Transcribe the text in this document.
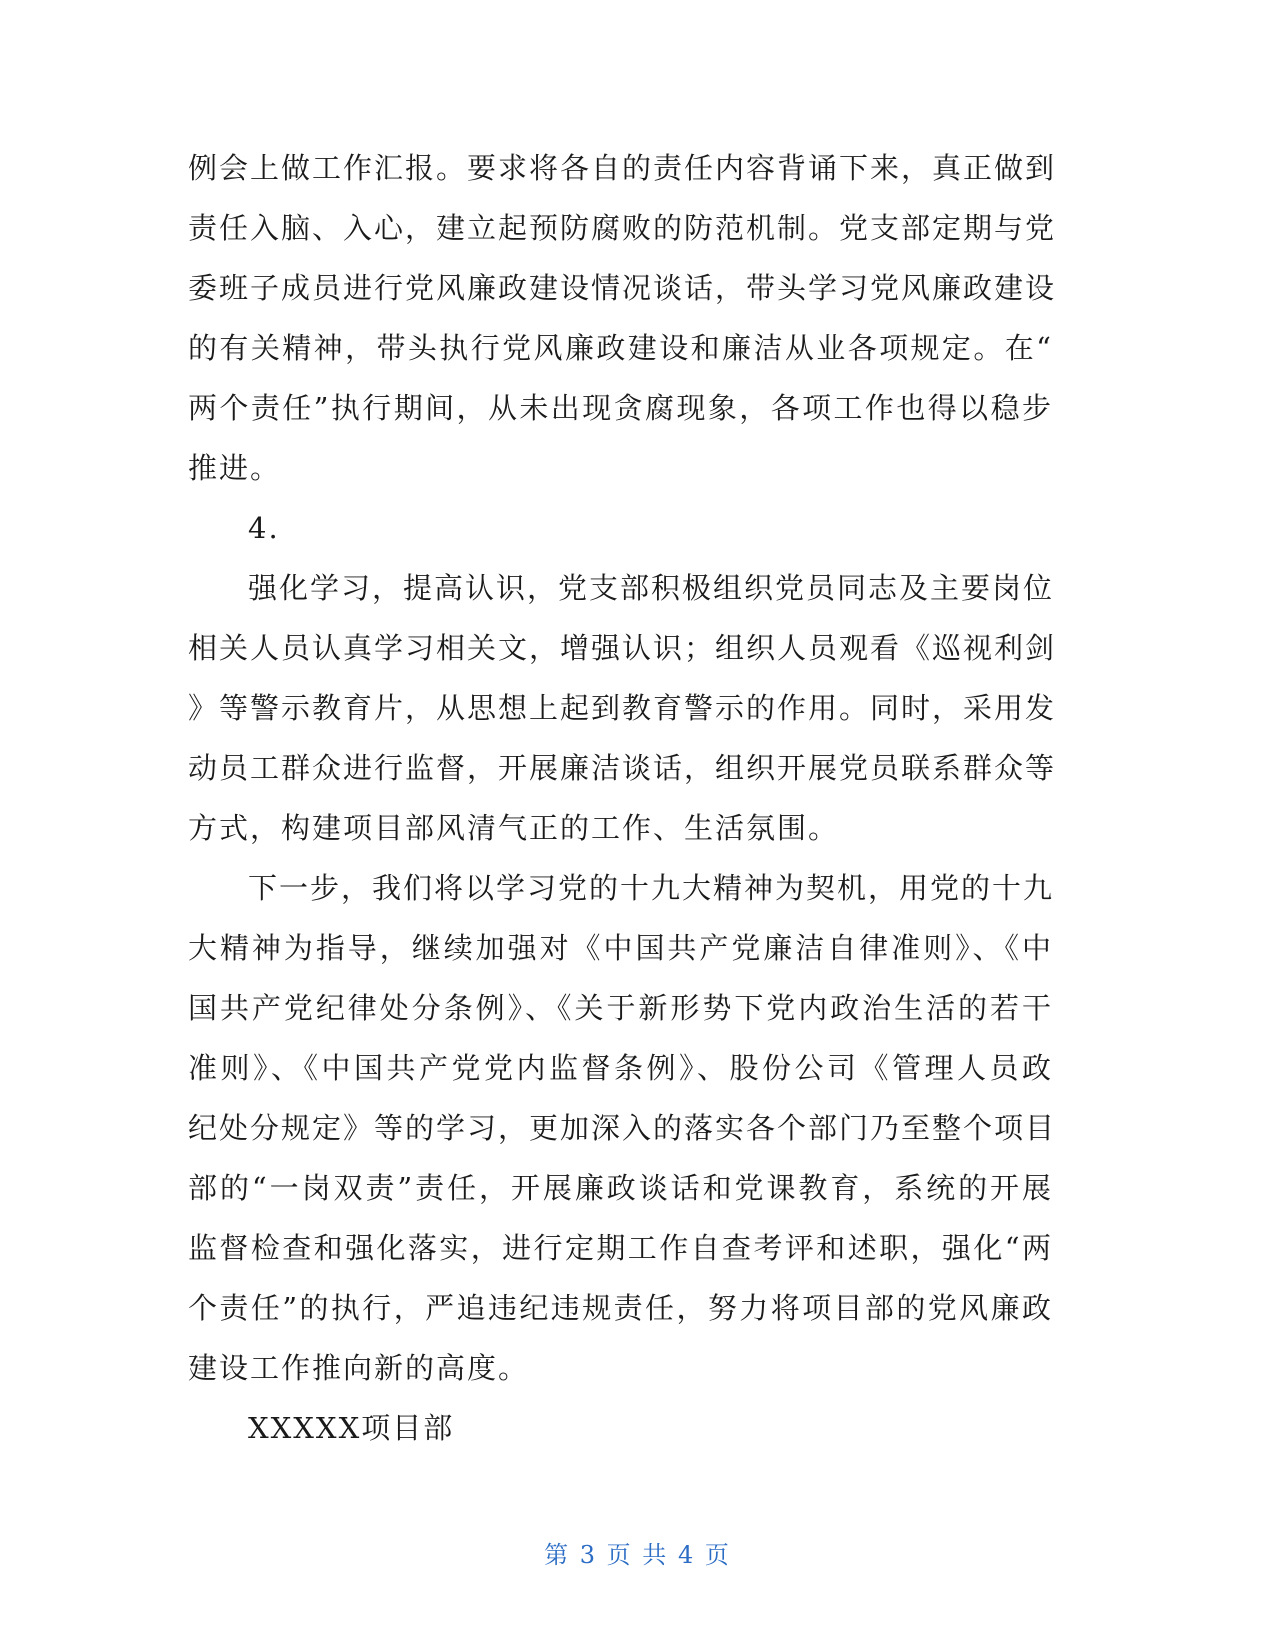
例会上做工作汇报。要求将各自的责任内容背诵下来，真正做到
责任入脑、入心，建立起预防腐败的防范机制。党支部定期与党
委班子成员进行党风廉政建设情况谈话，带头学习党风廉政建设
的有关精神，带头执行党风廉政建设和廉洁从业各项规定。在“
两个责任”执行期间，从未出现贪腐现象，各项工作也得以稳步
推进。
4.
强化学习，提高认识，党支部积极组织党员同志及主要岗位
相关人员认真学习相关文，增强认识；组织人员观看《巡视利剑
》等警示教育片，从思想上起到教育警示的作用。同时，采用发
动员工群众进行监督，开展廉洁谈话，组织开展党员联系群众等
方式，构建项目部风清气正的工作、生活氛围。
下一步，我们将以学习党的十九大精神为契机，用党的十九
大精神为指导，继续加强对《中国共产党廉洁自律准则》、《中
国共产党纪律处分条例》、《关于新形势下党内政治生活的若干
准则》、《中国共产党党内监督条例》、股份公司《管理人员政
纪处分规定》等的学习，更加深入的落实各个部门乃至整个项目
部的“一岗双责”责任，开展廉政谈话和党课教育，系统的开展
监督检查和强化落实，进行定期工作自查考评和述职，强化“两
个责任”的执行，严追违纪违规责任，努力将项目部的党风廉政
建设工作推向新的高度。
XXXXX项目部
第 3 页 共 4 页
